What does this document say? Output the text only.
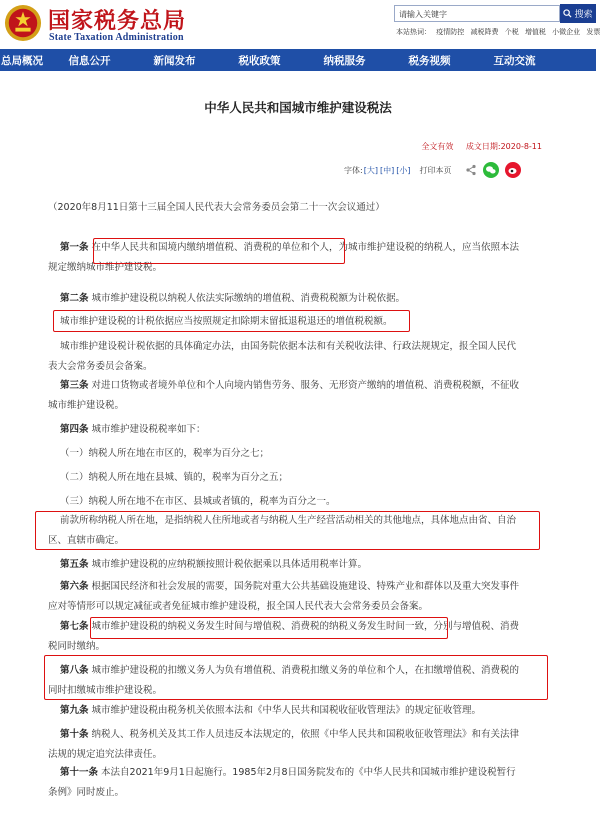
国家税务总局
State Taxation Administration
请输入关键字	搜索
本站热词： 疫情防控 减税降费 个税 增值税 小微企业 发票
总局概况	信息公开	新闻发布	税收政策	纳税服务	税务视频	互动交流
中华人民共和国城市维护建设税法
全文有效 成文日期:2020-8-11
字体: [大] [中] [小] 打印本页
（2020年8月11日第十三届全国人民代表大会常务委员会第二十一次会议通过）
第一条 在中华人民共和国境内缴纳增值税、消费税的单位和个人，为城市维护建设税的纳税人，应当依照本法
规定缴纳城市维护建设税。
第二条 城市维护建设税以纳税人依法实际缴纳的增值税、消费税税额为计税依据。
城市维护建设税的计税依据应当按照规定扣除期末留抵退税退还的增值税税额。
城市维护建设税计税依据的具体确定办法，由国务院依据本法和有关税收法律、行政法规规定，报全国人民代
表大会常务委员会备案。
第三条 对进口货物或者境外单位和个人向境内销售劳务、服务、无形资产缴纳的增值税、消费税税额，不征收
城市维护建设税。
第四条 城市维护建设税税率如下：
（一）纳税人所在地在市区的，税率为百分之七；
（二）纳税人所在地在县城、镇的，税率为百分之五；
（三）纳税人所在地不在市区、县城或者镇的，税率为百分之一。
前款所称纳税人所在地，是指纳税人住所地或者与纳税人生产经营活动相关的其他地点，具体地点由省、自治
区、直辖市确定。
第五条 城市维护建设税的应纳税额按照计税依据乘以具体适用税率计算。
第六条 根据国民经济和社会发展的需要，国务院对重大公共基础设施建设、特殊产业和群体以及重大突发事件
应对等情形可以规定减征或者免征城市维护建设税，报全国人民代表大会常务委员会备案。
第七条 城市维护建设税的纳税义务发生时间与增值税、消费税的纳税义务发生时间一致，分别与增值税、消费
税同时缴纳。
第八条 城市维护建设税的扣缴义务人为负有增值税、消费税扣缴义务的单位和个人，在扣缴增值税、消费税的
同时扣缴城市维护建设税。
第九条 城市维护建设税由税务机关依照本法和《中华人民共和国税收征收管理法》的规定征收管理。
第十条 纳税人、税务机关及其工作人员违反本法规定的，依照《中华人民共和国税收征收管理法》和有关法律
法规的规定追究法律责任。
第十一条 本法自2021年9月1日起施行。1985年2月8日国务院发布的《中华人民共和国城市维护建设税暂行
条例》同时废止。
